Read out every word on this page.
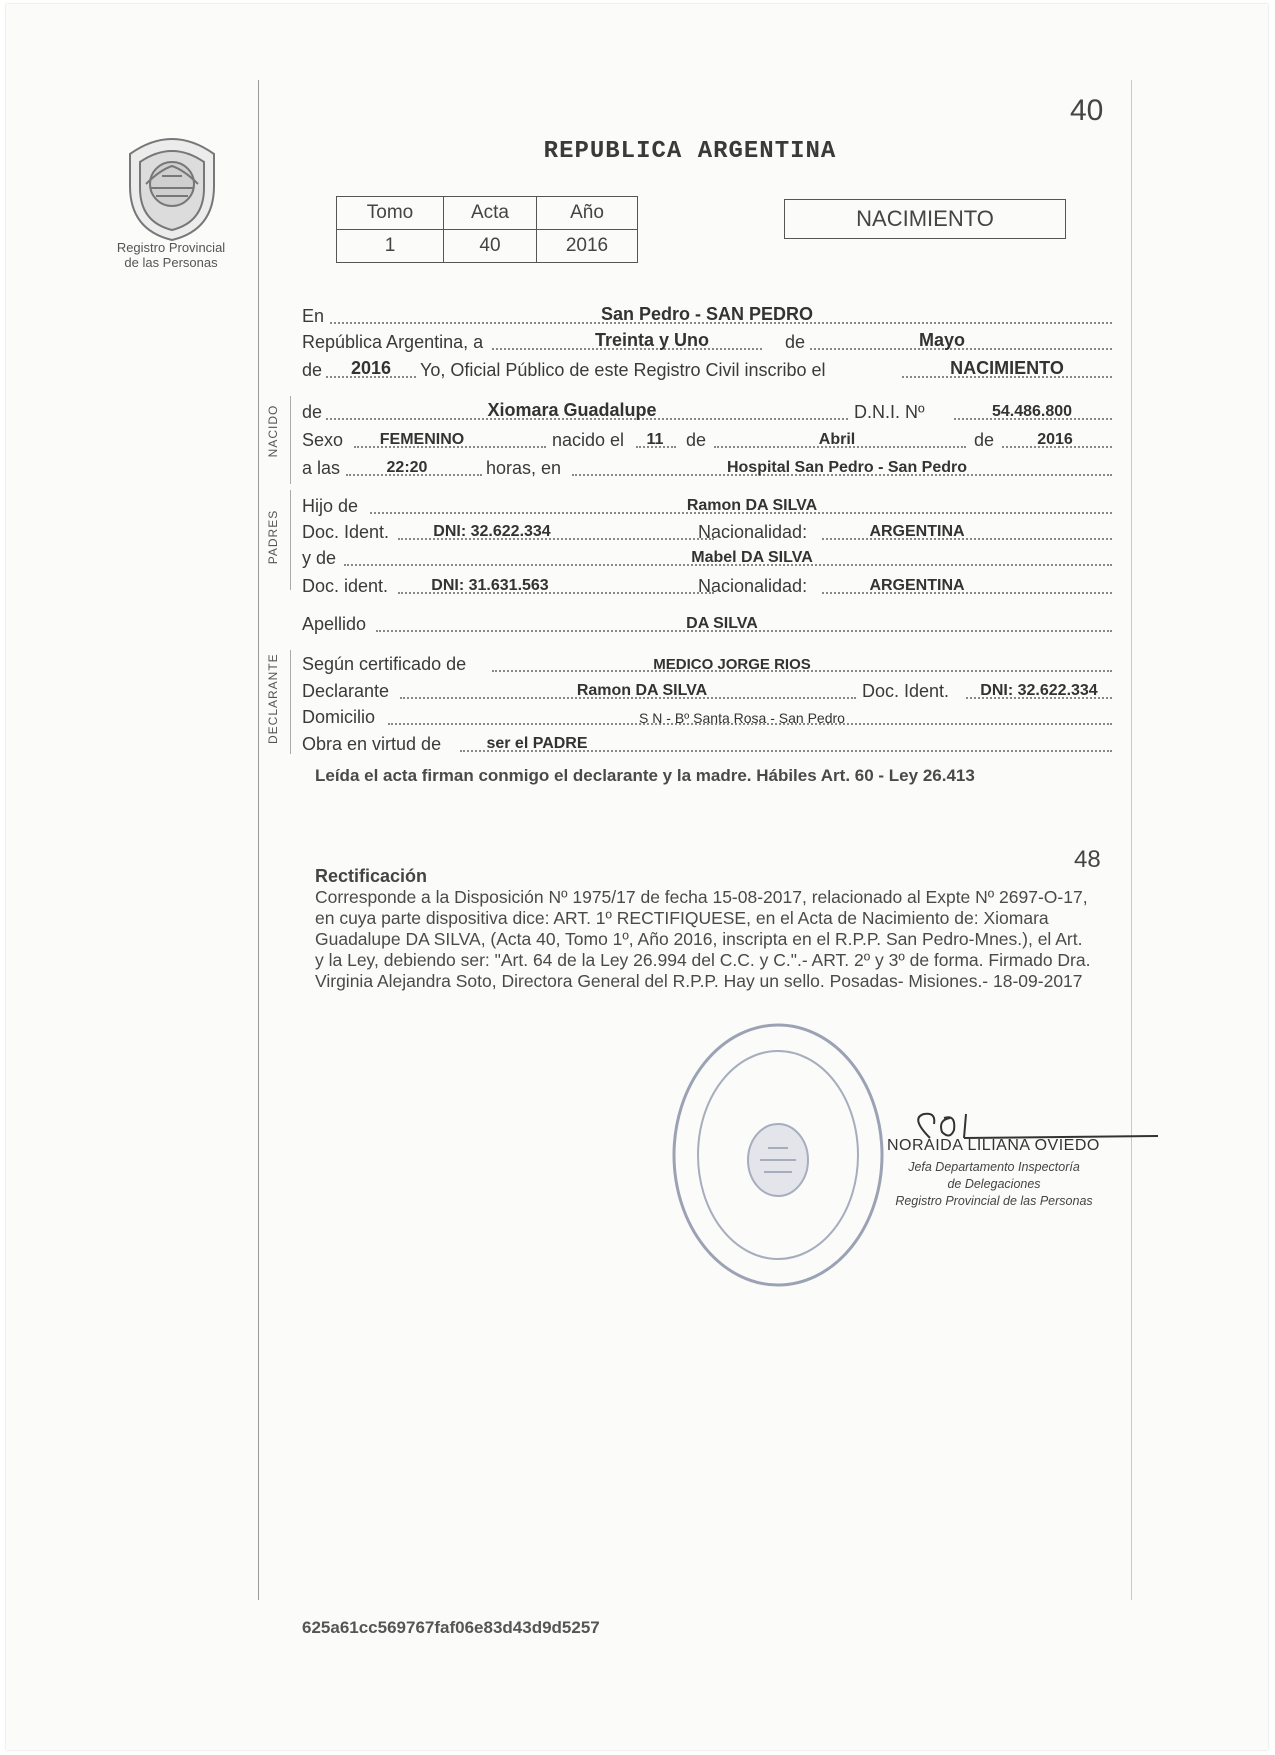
Registro Provincial
de las Personas
40
REPUBLICA ARGENTINA
Tomo	Acta	Año
1	40	2016
NACIMIENTO
En	San Pedro - SAN PEDRO
República Argentina, a	Treinta y Uno	de	Mayo
de	2016	Yo, Oficial Público de este Registro Civil inscribo el	NACIMIENTO
NACIDO de	Xiomara Guadalupe	D.N.I. Nº	54.486.800
Sexo	FEMENINO	nacido el	11	de	Abril	de	2016
a las	22:20	horas, en	Hospital San Pedro - San Pedro
PADRES
Hijo de	Ramon DA SILVA
Doc. Ident.	DNI: 32.622.334	Nacionalidad:	ARGENTINA
y de	Mabel DA SILVA
Doc. ident.	DNI: 31.631.563	Nacionalidad:	ARGENTINA
Apellido	DA SILVA
DECLARANTE Según certificado de	MEDICO JORGE RIOS
Declarante	Ramon DA SILVA	Doc. Ident.	DNI: 32.622.334
Domicilio	S N - Bº Santa Rosa - San Pedro
Obra en virtud de	ser el PADRE
Leída el acta firman conmigo el declarante y la madre. Hábiles Art. 60 - Ley 26.413
48
Rectificación
Corresponde a la Disposición Nº 1975/17 de fecha 15-08-2017, relacionado al Expte Nº 2697-O-17, en cuya parte dispositiva dice: ART. 1º RECTIFIQUESE, en el Acta de Nacimiento de: Xiomara Guadalupe DA SILVA, (Acta 40, Tomo 1º, Año 2016, inscripta en el R.P.P. San Pedro-Mnes.), el Art. y la Ley, debiendo ser: "Art. 64 de la Ley 26.994 del C.C. y C.".- ART. 2º y 3º de forma. Firmado Dra. Virginia Alejandra Soto, Directora General del R.P.P. Hay un sello. Posadas- Misiones.- 18-09-2017
NORAIDA LILIANA OVIEDO
Jefa Departamento Inspectoría
de Delegaciones
Registro Provincial de las Personas
625a61cc569767faf06e83d43d9d5257
